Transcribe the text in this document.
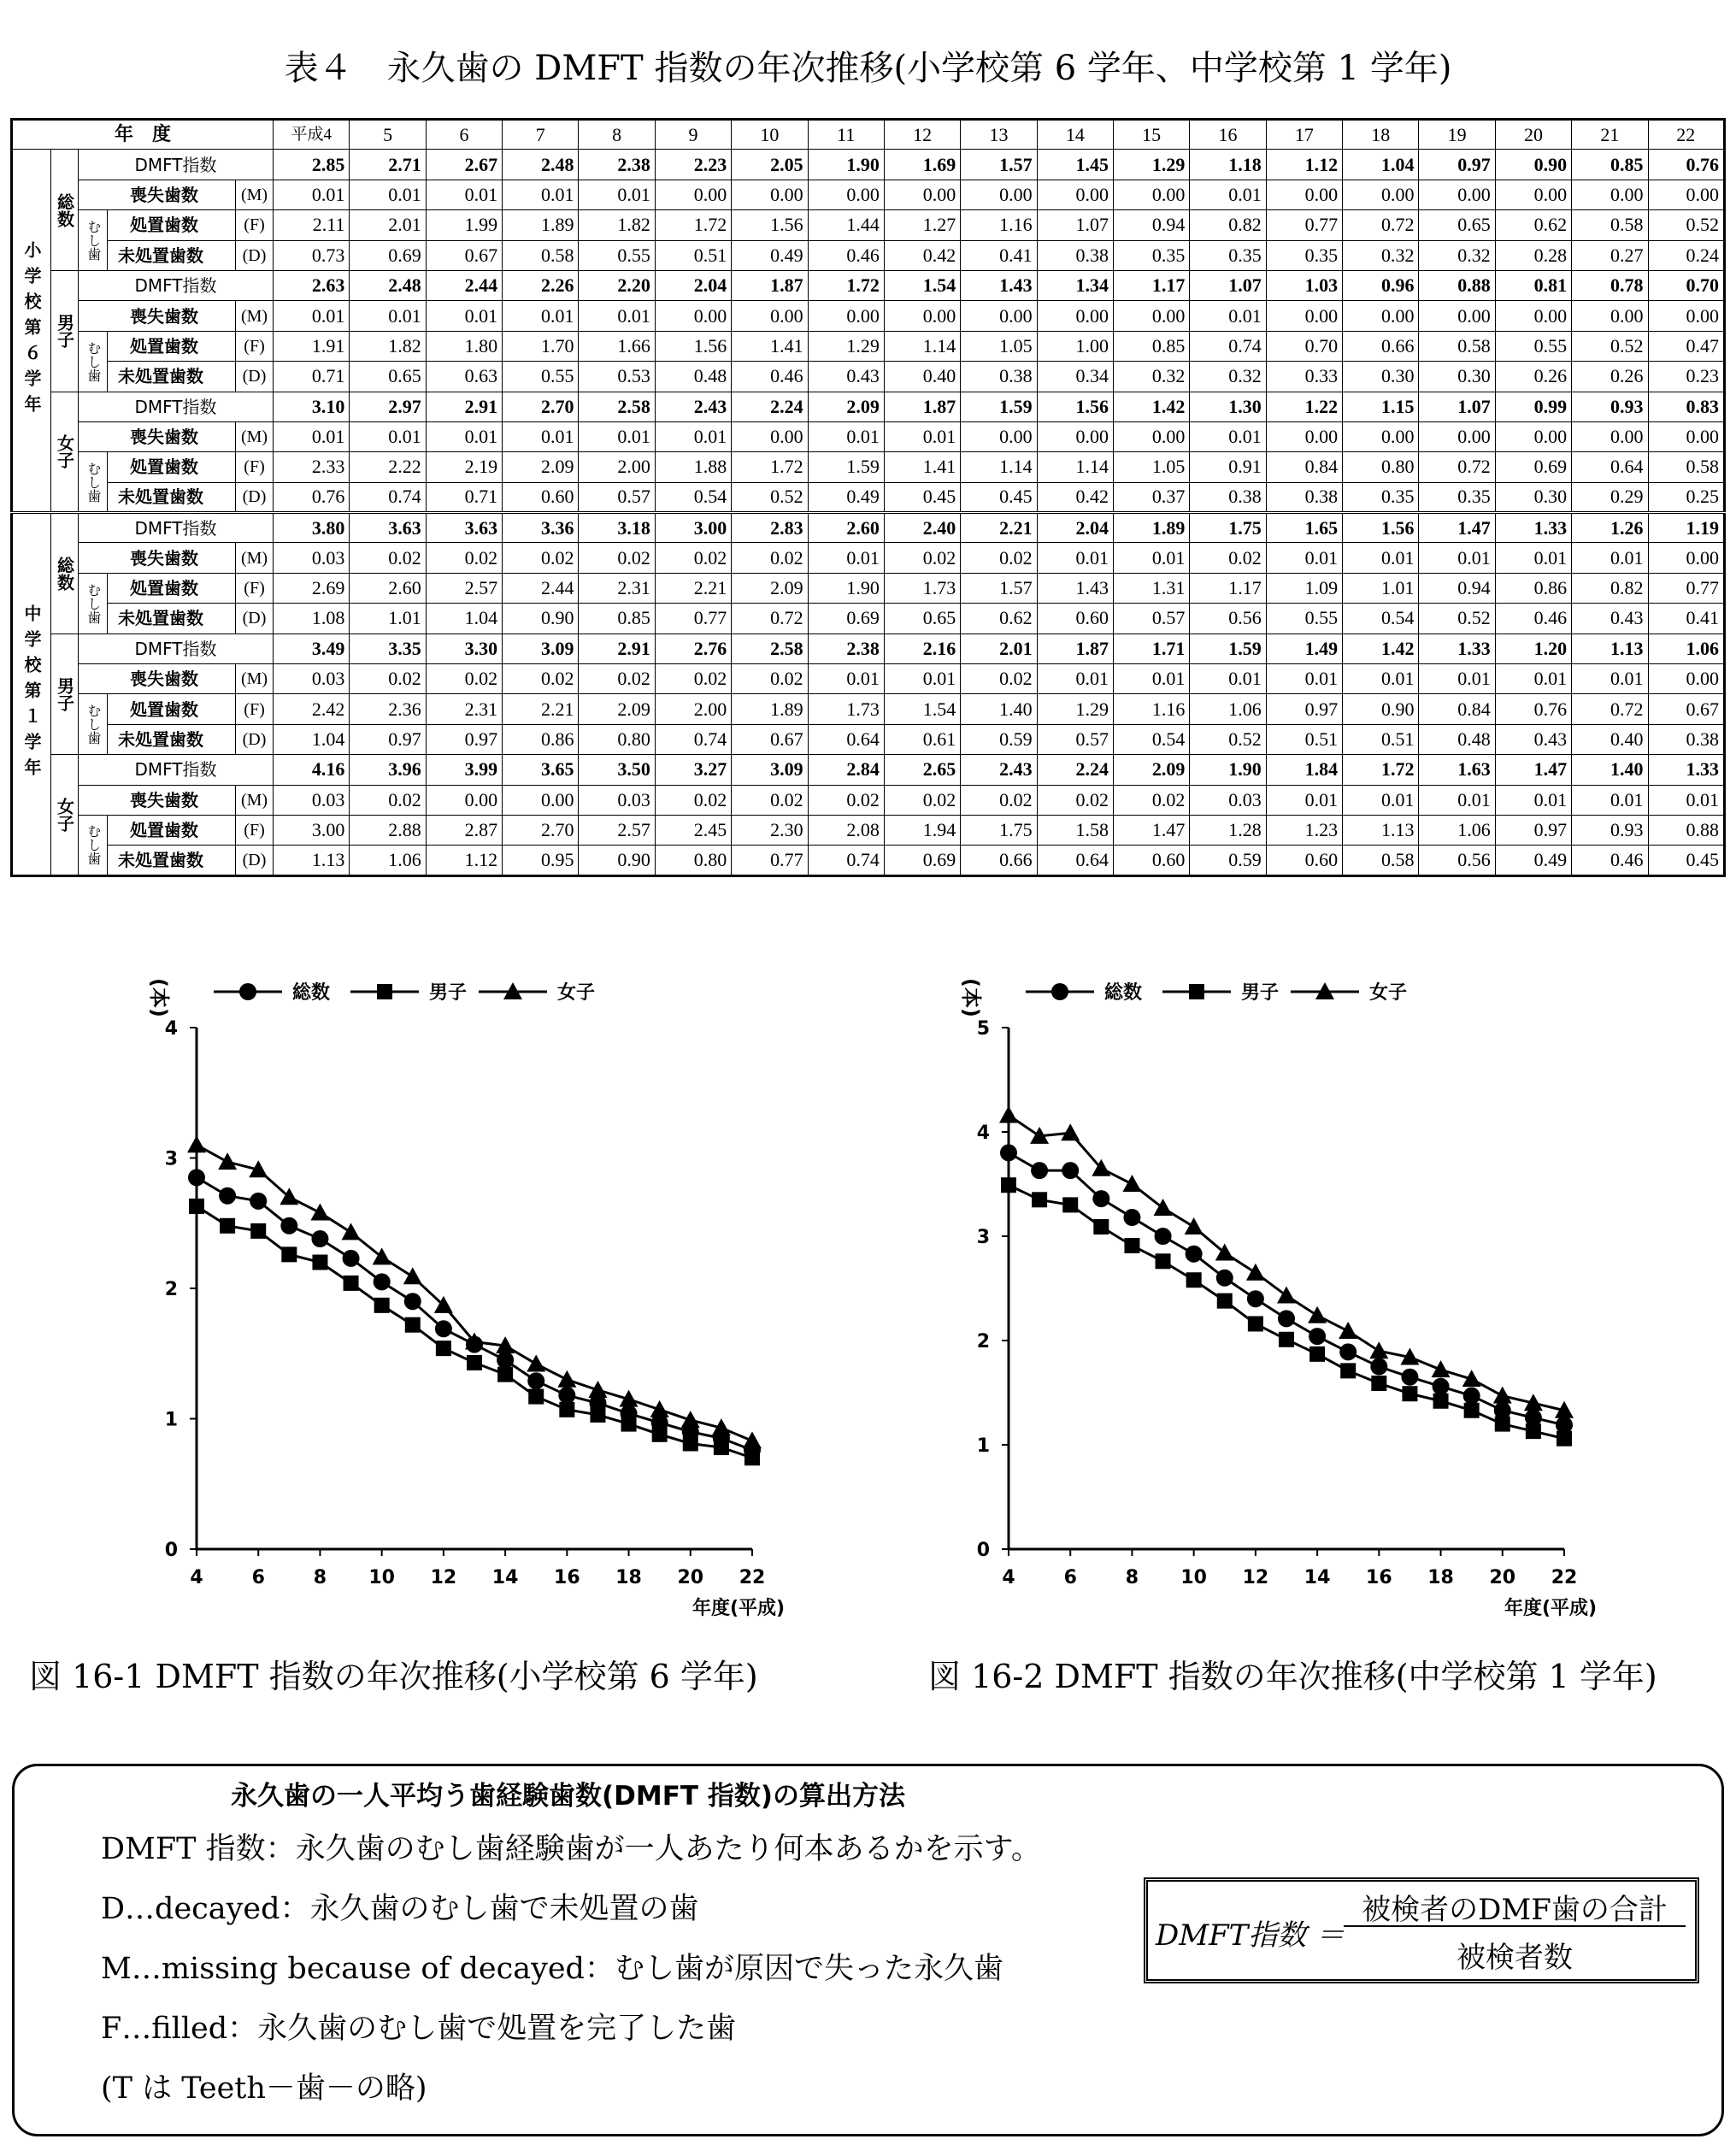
表４　永久歯の DMFT 指数の年次推移(小学校第 6 学年、中学校第 1 学年)
年　度					平成4	5	6	7	8	9	10	11	12	13	14	15	16	17	18	19	20	21	22
小学校第６学年	総数	DMFT指数			2.85	2.71	2.67	2.48	2.38	2.23	2.05	1.90	1.69	1.57	1.45	1.29	1.18	1.12	1.04	0.97	0.90	0.85	0.76
		喪失歯数		(M)	0.01	0.01	0.01	0.01	0.01	0.00	0.00	0.00	0.00	0.00	0.00	0.00	0.01	0.00	0.00	0.00	0.00	0.00	0.00
		むし歯	処置歯数	(F)	2.11	2.01	1.99	1.89	1.82	1.72	1.56	1.44	1.27	1.16	1.07	0.94	0.82	0.77	0.72	0.65	0.62	0.58	0.52
			未処置歯数	(D)	0.73	0.69	0.67	0.58	0.55	0.51	0.49	0.46	0.42	0.41	0.38	0.35	0.35	0.35	0.32	0.32	0.28	0.27	0.24
	男子	DMFT指数			2.63	2.48	2.44	2.26	2.20	2.04	1.87	1.72	1.54	1.43	1.34	1.17	1.07	1.03	0.96	0.88	0.81	0.78	0.70
		喪失歯数		(M)	0.01	0.01	0.01	0.01	0.01	0.00	0.00	0.00	0.00	0.00	0.00	0.00	0.01	0.00	0.00	0.00	0.00	0.00	0.00
		むし歯	処置歯数	(F)	1.91	1.82	1.80	1.70	1.66	1.56	1.41	1.29	1.14	1.05	1.00	0.85	0.74	0.70	0.66	0.58	0.55	0.52	0.47
			未処置歯数	(D)	0.71	0.65	0.63	0.55	0.53	0.48	0.46	0.43	0.40	0.38	0.34	0.32	0.32	0.33	0.30	0.30	0.26	0.26	0.23
	女子	DMFT指数			3.10	2.97	2.91	2.70	2.58	2.43	2.24	2.09	1.87	1.59	1.56	1.42	1.30	1.22	1.15	1.07	0.99	0.93	0.83
		喪失歯数		(M)	0.01	0.01	0.01	0.01	0.01	0.01	0.00	0.01	0.01	0.00	0.00	0.00	0.01	0.00	0.00	0.00	0.00	0.00	0.00
		むし歯	処置歯数	(F)	2.33	2.22	2.19	2.09	2.00	1.88	1.72	1.59	1.41	1.14	1.14	1.05	0.91	0.84	0.80	0.72	0.69	0.64	0.58
			未処置歯数	(D)	0.76	0.74	0.71	0.60	0.57	0.54	0.52	0.49	0.45	0.45	0.42	0.37	0.38	0.38	0.35	0.35	0.30	0.29	0.25
中学校第１学年	総数	DMFT指数			3.80	3.63	3.63	3.36	3.18	3.00	2.83	2.60	2.40	2.21	2.04	1.89	1.75	1.65	1.56	1.47	1.33	1.26	1.19
		喪失歯数		(M)	0.03	0.02	0.02	0.02	0.02	0.02	0.02	0.01	0.02	0.02	0.01	0.01	0.02	0.01	0.01	0.01	0.01	0.01	0.00
		むし歯	処置歯数	(F)	2.69	2.60	2.57	2.44	2.31	2.21	2.09	1.90	1.73	1.57	1.43	1.31	1.17	1.09	1.01	0.94	0.86	0.82	0.77
			未処置歯数	(D)	1.08	1.01	1.04	0.90	0.85	0.77	0.72	0.69	0.65	0.62	0.60	0.57	0.56	0.55	0.54	0.52	0.46	0.43	0.41
	男子	DMFT指数			3.49	3.35	3.30	3.09	2.91	2.76	2.58	2.38	2.16	2.01	1.87	1.71	1.59	1.49	1.42	1.33	1.20	1.13	1.06
		喪失歯数		(M)	0.03	0.02	0.02	0.02	0.02	0.02	0.02	0.01	0.01	0.02	0.01	0.01	0.01	0.01	0.01	0.01	0.01	0.01	0.00
		むし歯	処置歯数	(F)	2.42	2.36	2.31	2.21	2.09	2.00	1.89	1.73	1.54	1.40	1.29	1.16	1.06	0.97	0.90	0.84	0.76	0.72	0.67
			未処置歯数	(D)	1.04	0.97	0.97	0.86	0.80	0.74	0.67	0.64	0.61	0.59	0.57	0.54	0.52	0.51	0.51	0.48	0.43	0.40	0.38
	女子	DMFT指数			4.16	3.96	3.99	3.65	3.50	3.27	3.09	2.84	2.65	2.43	2.24	2.09	1.90	1.84	1.72	1.63	1.47	1.40	1.33
		喪失歯数		(M)	0.03	0.02	0.00	0.00	0.03	0.02	0.02	0.02	0.02	0.02	0.02	0.02	0.03	0.01	0.01	0.01	0.01	0.01	0.01
		むし歯	処置歯数	(F)	3.00	2.88	2.87	2.70	2.57	2.45	2.30	2.08	1.94	1.75	1.58	1.47	1.28	1.23	1.13	1.06	0.97	0.93	0.88
			未処置歯数	(D)	1.13	1.06	1.12	0.95	0.90	0.80	0.77	0.74	0.69	0.66	0.64	0.60	0.59	0.60	0.58	0.56	0.49	0.46	0.45
0
1
2
3
4
4	6	8 10 12 14 16 18 20 22
年度(平成)
(本)	総数	男子	女子
図 16-1 DMFT 指数の年次推移(小学校第 6 学年)
0
1
2
3
4
5
4	6	8 10 12 14 16 18 20 22
年度(平成)
(本)	総数	男子	女子
図 16-2 DMFT 指数の年次推移(中学校第 1 学年)
永久歯の一人平均う歯経験歯数(DMFT 指数)の算出方法
DMFT 指数：永久歯のむし歯経験歯が一人あたり何本あるかを示す。
D…decayed：永久歯のむし歯で未処置の歯
M…missing because of decayed：むし歯が原因で失った永久歯
F…filled：永久歯のむし歯で処置を完了した歯
(T は Teeth－歯－の略)
DMFT指数 ＝
被検者のDMF歯の合計
被検者数
